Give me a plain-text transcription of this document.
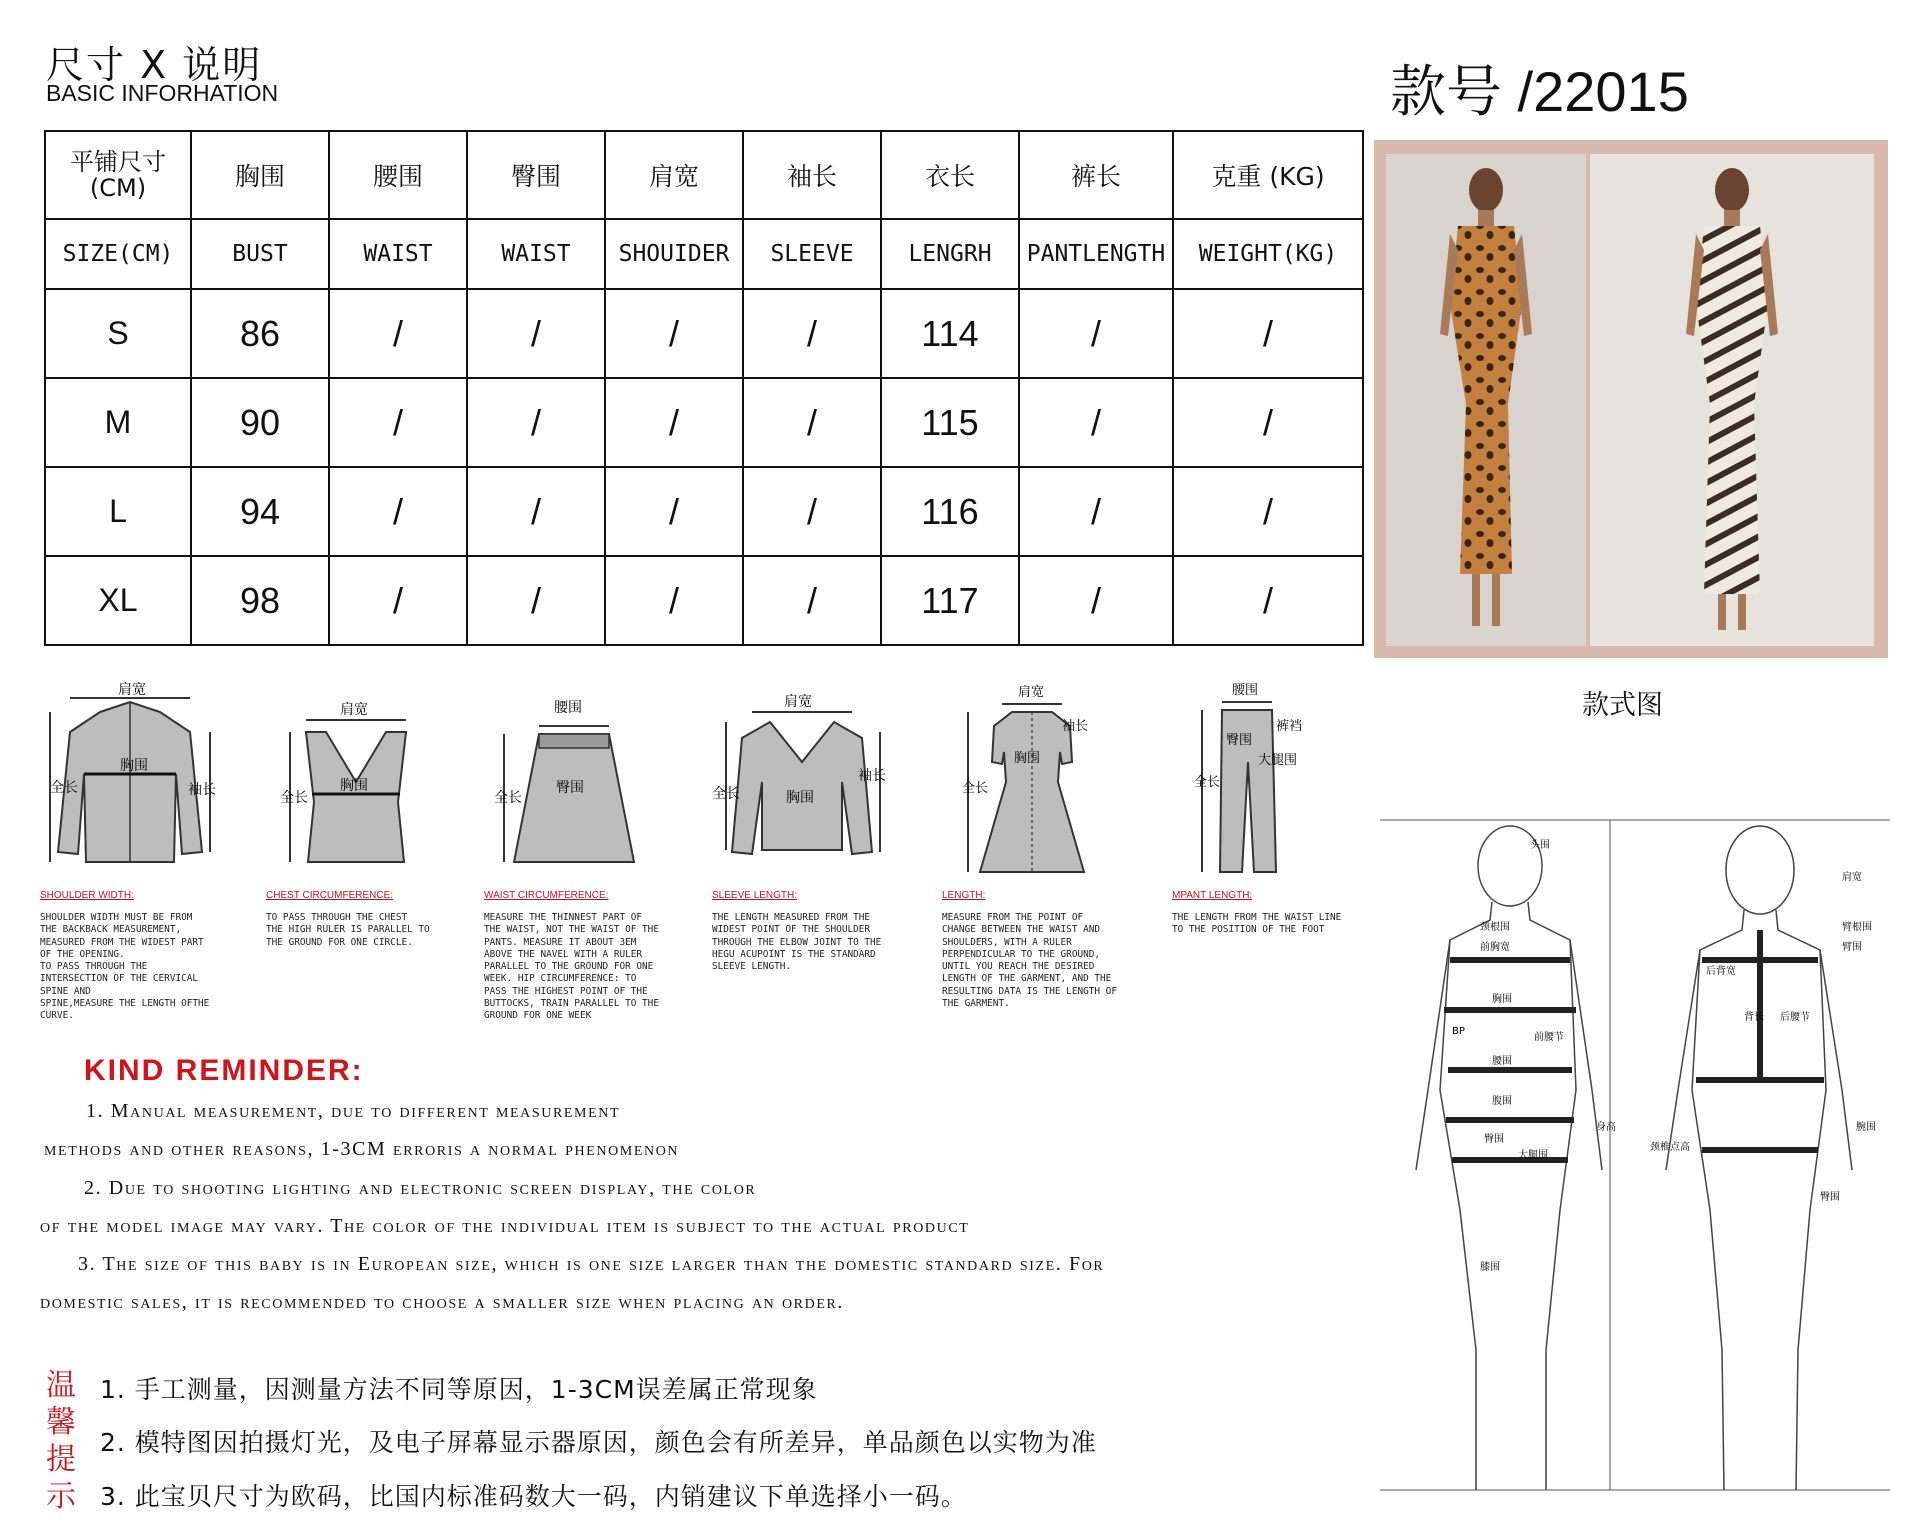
尺寸 X 说明
BASIC INFORHATION	款号 /22015
平铺尺寸
(CM)	胸围	腰围	臀围	肩宽	袖长	衣长	裤长	克重 (KG)
SIZE(CM)	BUST	WAIST	WAIST	SHOUIDER	SLEEVE	LENGRH	PANTLENGTH	WEIGHT(KG)
S	86	/	/	/	/	114	/	/
M	90	/	/	/	/	115	/	/
L	94	/	/	/	/	116	/	/
XL	98	/	/	/	/	117	/	/
款式图
肩宽
胸围
全长	袖长
SHOULDER WIDTH:
SHOULDER WIDTH MUST BE FROM
THE BACKBACK MEASUREMENT,
MEASURED FROM THE WIDEST PART
OF THE OPENING.
TO PASS THROUGH THE
INTERSECTION OF THE CERVICAL
SPINE AND
SPINE,MEASURE THE LENGTH OFTHE
CURVE.
肩宽
全长
胸围
CHEST CIRCUMFERENCE:
TO PASS THROUGH THE CHEST
THE HIGH RULER IS PARALLEL TO
THE GROUND FOR ONE CIRCLE.
腰围
全长
臀围
WAIST CIRCUMFERENCE:
MEASURE THE THINNEST PART OF
THE WAIST, NOT THE WAIST OF THE
PANTS. MEASURE IT ABOUT 3EM
ABOVE THE NAVEL WITH A RULER
PARALLEL TO THE GROUND FOR ONE
WEEK. HIP CIRCUMFERENCE: TO
PASS THE HIGHEST POINT OF THE
BUTTOCKS, TRAIN PARALLEL TO THE
GROUND FOR ONE WEEK
肩宽
全长	胸围
袖长
SLEEVE LENGTH:
THE LENGTH MEASURED FROM THE
WIDEST POINT OF THE SHOULDER
THROUGH THE ELBOW JOINT TO THE
HEGU ACUPOINT IS THE STANDARD
SLEEVE LENGTH.
肩宽
袖长
胸围
全长
LENGTH:
MEASURE FROM THE POINT OF
CHANGE BETWEEN THE WAIST AND
SHOULDERS, WITH A RULER
PERPENDICULAR TO THE GROUND,
UNTIL YOU REACH THE DESIRED
LENGTH OF THE GARMENT, AND THE
RESULTING DATA IS THE LENGTH OF
THE GARMENT.
腰围
裤裆
臀围
大腿围
全长
MPANT LENGTH:
THE LENGTH FROM THE WAIST LINE
TO THE POSITION OF THE FOOT
头围
颈根围
前胸宽
胸围
BP
前腰节
腰围
腹围
臀围
大腿围
膝围
身高
肩宽
臂根围
臂围
后背宽
背长 后腰节
颈椎点高
腕围
臀围
KIND REMINDER:
1. Manual measurement, due to different measurement
methods and other reasons, 1-3CM erroris a normal phenomenon
2. Due to shooting lighting and electronic screen display, the color
of the model image may vary. The color of the individual item is subject to the actual product
3. The size of this baby is in European size, which is one size larger than the domestic standard size. For
domestic sales, it is recommended to choose a smaller size when placing an order.
温馨提示
1. 手工测量，因测量方法不同等原因，1-3CM误差属正常现象
2. 模特图因拍摄灯光，及电子屏幕显示器原因，颜色会有所差异，单品颜色以实物为准
3. 此宝贝尺寸为欧码，比国内标准码数大一码，内销建议下单选择小一码。
